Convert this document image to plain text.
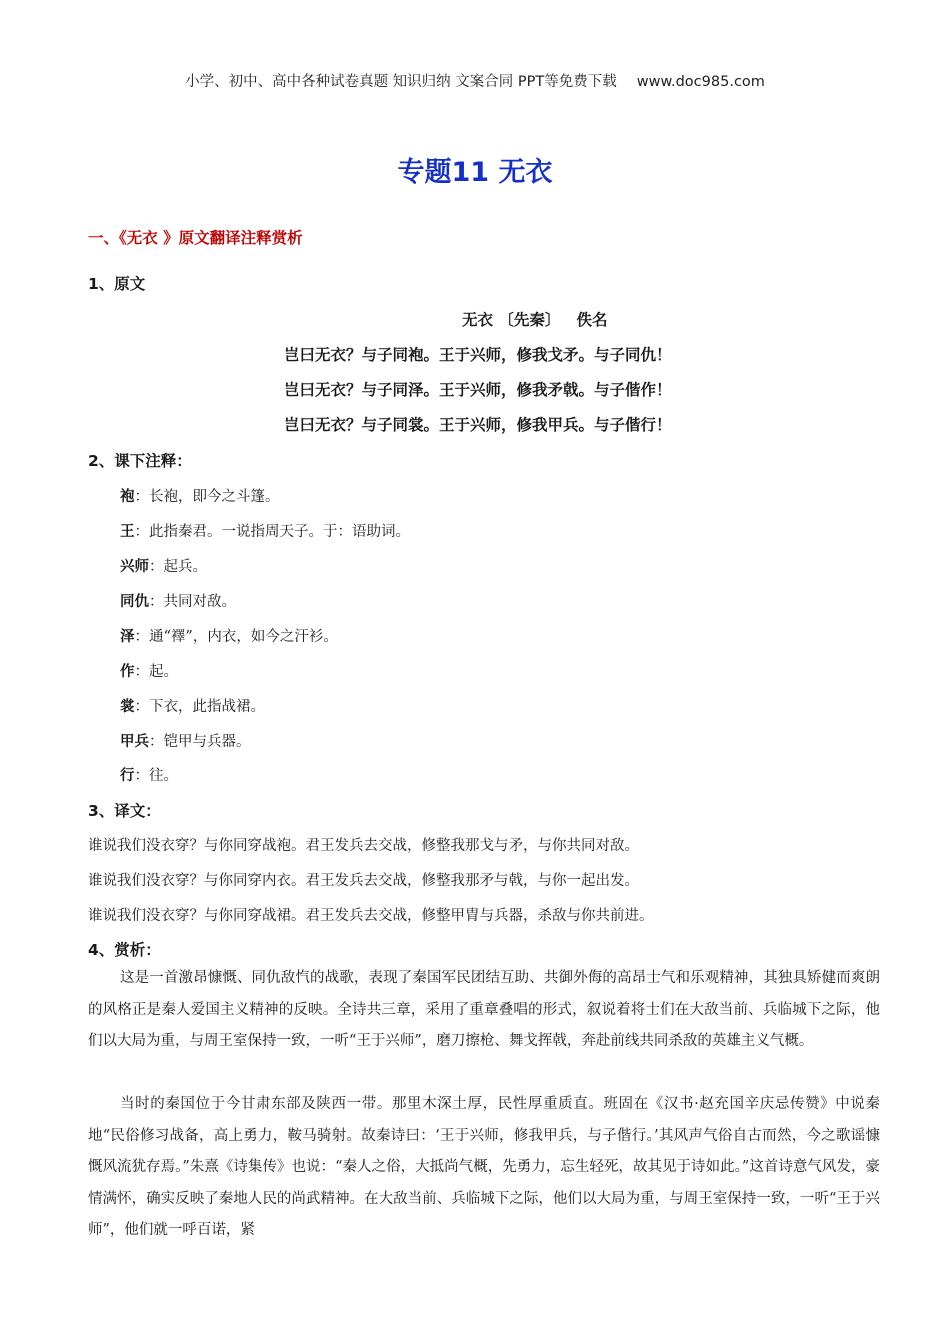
小学、初中、高中各种试卷真题 知识归纳 文案合同 PPT等免费下载 www.doc985.com
专题11 无衣
一、《无衣 》原文翻译注释赏析
1、原文
无衣 〔先秦〕 佚名
岂曰无衣？与子同袍。王于兴师，修我戈矛。与子同仇！
岂曰无衣？与子同泽。王于兴师，修我矛戟。与子偕作！
岂曰无衣？与子同裳。王于兴师，修我甲兵。与子偕行！
2、课下注释：
袍：长袍，即今之斗篷。
王：此指秦君。一说指周天子。于：语助词。
兴师：起兵。
同仇：共同对敌。
泽：通“襗”，内衣，如今之汗衫。
作：起。
裳：下衣，此指战裙。
甲兵：铠甲与兵器。
行：往。
3、译文：
谁说我们没衣穿？与你同穿战袍。君王发兵去交战，修整我那戈与矛，与你共同对敌。
谁说我们没衣穿？与你同穿内衣。君王发兵去交战，修整我那矛与戟，与你一起出发。
谁说我们没衣穿？与你同穿战裙。君王发兵去交战，修整甲胄与兵器，杀敌与你共前进。
4、赏析：
这是一首激昂慷慨、同仇敌忾的战歌，表现了秦国军民团结互助、共御外侮的高昂士气和乐观精神，其独具矫健而爽朗的风格正是秦人爱国主义精神的反映。全诗共三章，采用了重章叠唱的形式，叙说着将士们在大敌当前、兵临城下之际，他们以大局为重，与周王室保持一致，一听“王于兴师”，磨刀擦枪、舞戈挥戟，奔赴前线共同杀敌的英雄主义气概。
当时的秦国位于今甘肃东部及陕西一带。那里木深土厚，民性厚重质直。班固在《汉书·赵充国辛庆忌传赞》中说秦地“民俗修习战备，高上勇力，鞍马骑射。故秦诗曰：‘王于兴师，修我甲兵，与子偕行。’其风声气俗自古而然，今之歌谣慷慨风流犹存焉。”朱熹《诗集传》也说：“秦人之俗，大抵尚气概，先勇力，忘生轻死，故其见于诗如此。”这首诗意气风发，豪情满怀，确实反映了秦地人民的尚武精神。在大敌当前、兵临城下之际，他们以大局为重，与周王室保持一致，一听“王于兴师”，他们就一呼百诺，紧
